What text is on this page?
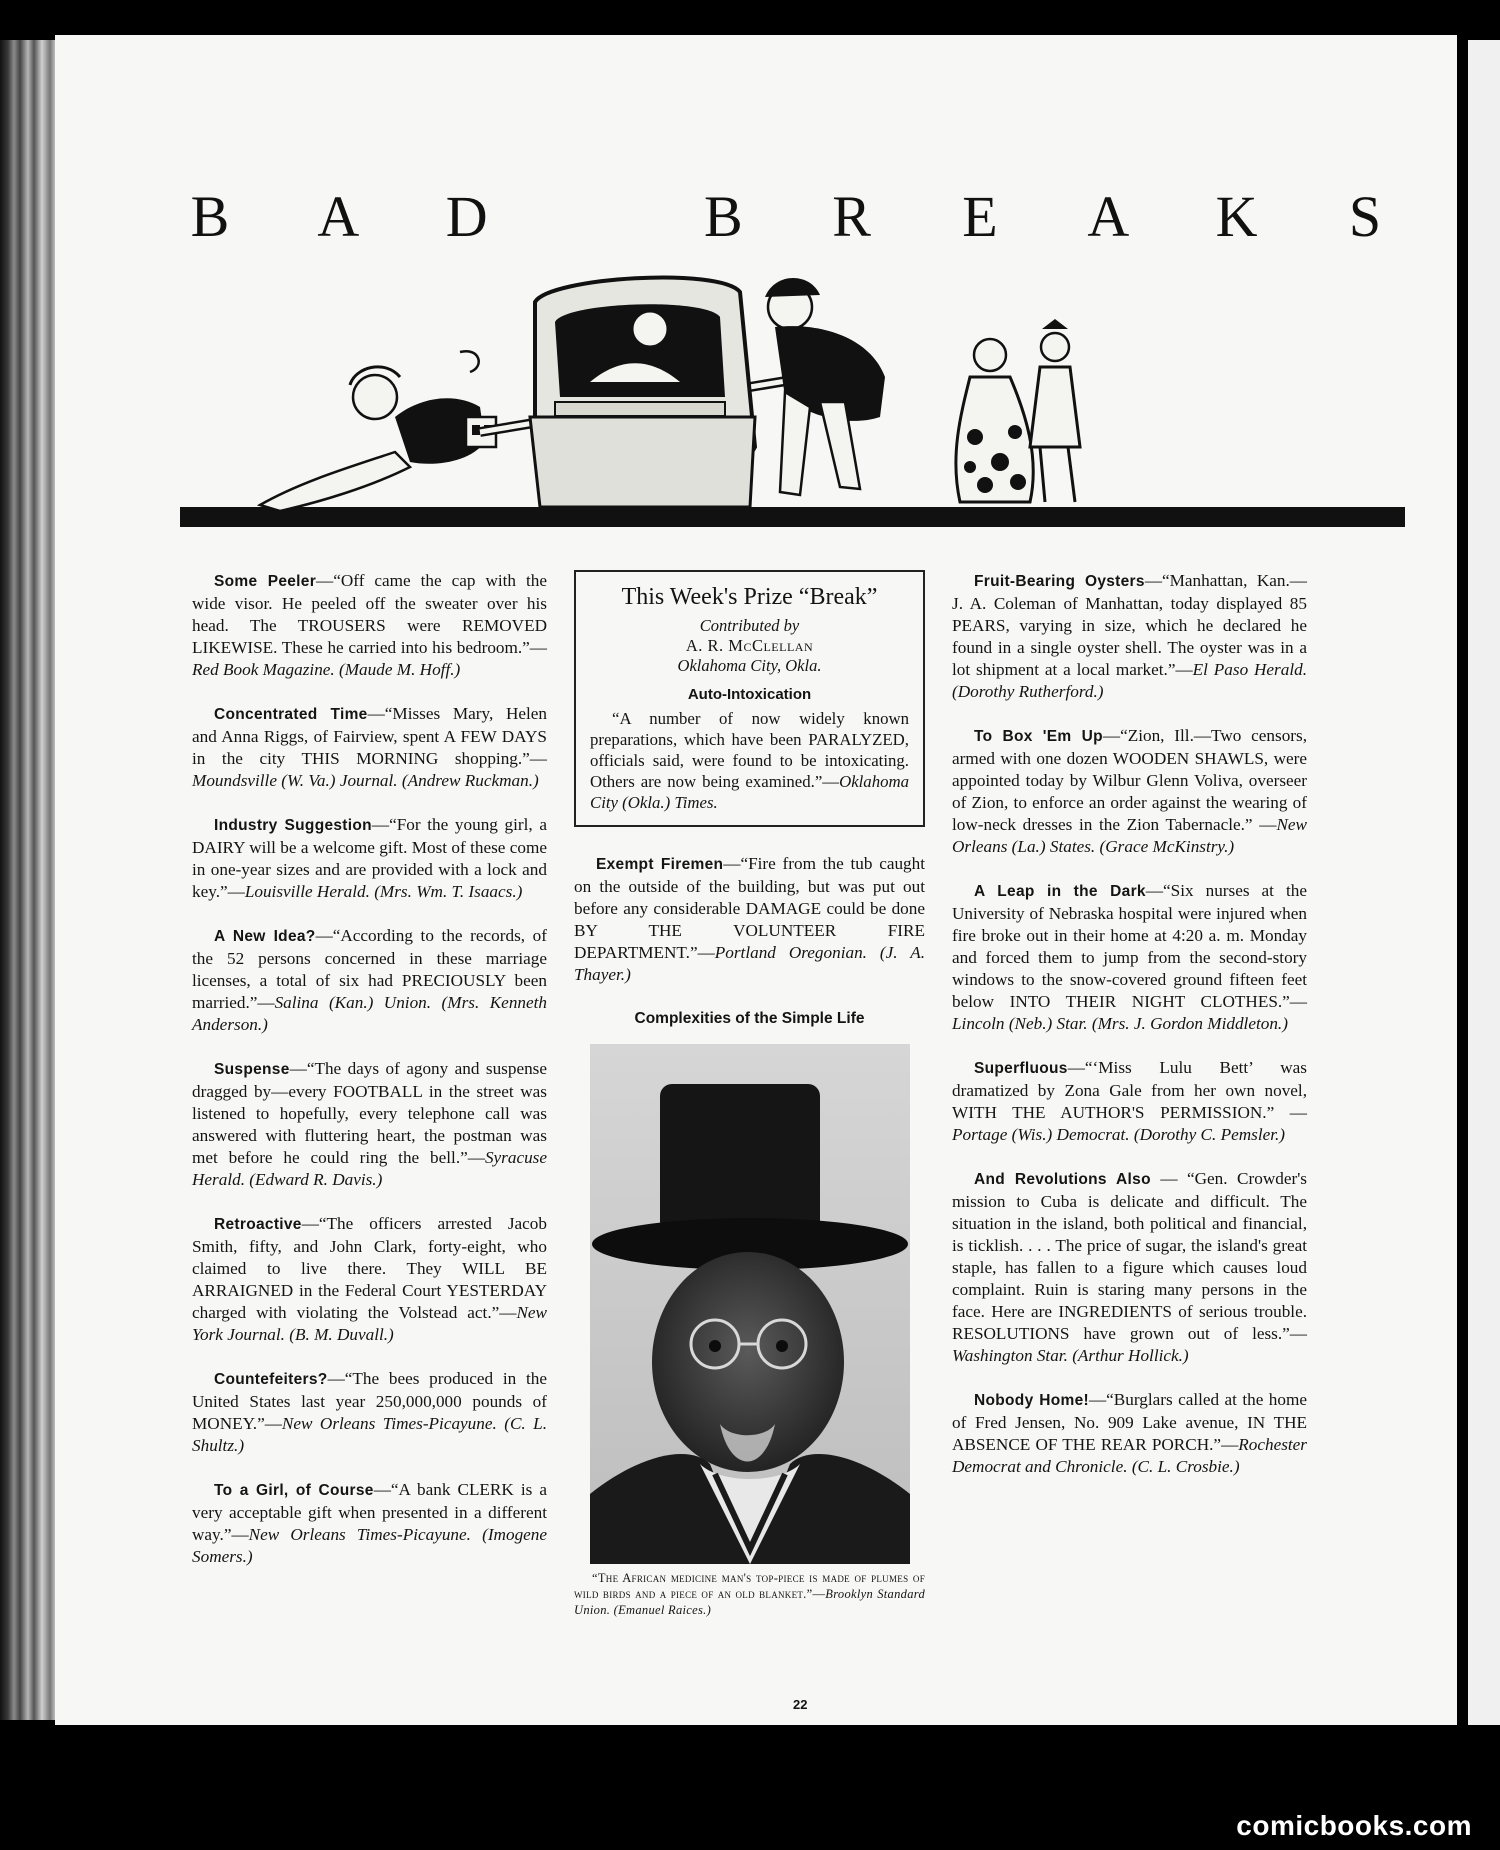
B A D	B R E A K S

Some Peeler—“Off came the cap with the wide visor. He peeled off the sweater over his head. The TROUSERS were REMOVED LIKEWISE. These he carried into his bedroom.”—Red Book Magazine. (Maude M. Hoff.)

Concentrated Time—“Misses Mary, Helen and Anna Riggs, of Fairview, spent A FEW DAYS in the city THIS MORNING shopping.”—Moundsville (W. Va.) Journal. (Andrew Ruckman.)

Industry Suggestion—“For the young girl, a DAIRY will be a welcome gift. Most of these come in one-year sizes and are provided with a lock and key.”—Louisville Herald. (Mrs. Wm. T. Isaacs.)

A New Idea?—“According to the records, of the 52 persons concerned in these marriage licenses, a total of six had PRECIOUSLY been married.”—Salina (Kan.) Union. (Mrs. Kenneth Anderson.)

Suspense—“The days of agony and suspense dragged by—every FOOTBALL in the street was listened to hopefully, every telephone call was answered with fluttering heart, the postman was met before he could ring the bell.”—Syracuse Herald. (Edward R. Davis.)

Retroactive—“The officers arrested Jacob Smith, fifty, and John Clark, forty-eight, who claimed to live there. They WILL BE ARRAIGNED in the Federal Court YESTERDAY charged with violating the Volstead act.”—New York Journal. (B. M. Duvall.)

Countefeiters?—“The bees produced in the United States last year 250,000,000 pounds of MONEY.”—New Orleans Times-Picayune. (C. L. Shultz.)

To a Girl, of Course—“A bank CLERK is a very acceptable gift when presented in a different way.”—New Orleans Times-Picayune. (Imogene Somers.)

This Week's Prize “Break”
Contributed by
A. R. McClellan
Oklahoma City, Okla.
Auto-Intoxication

“A number of now widely known preparations, which have been PARALYZED, officials said, were found to be intoxicating. Others are now being examined.”—Oklahoma City (Okla.) Times.

Exempt Firemen—“Fire from the tub caught on the outside of the building, but was put out before any considerable DAMAGE could be done BY THE VOLUNTEER FIRE DEPARTMENT.”—Portland Oregonian. (J. A. Thayer.)

Complexities of the Simple Life

“The African medicine man's top-piece is made of plumes of wild birds and a piece of an old blanket.”—Brooklyn Standard Union. (Emanuel Raices.)

Fruit-Bearing Oysters—“Manhattan, Kan.—J. A. Coleman of Manhattan, today displayed 85 PEARS, varying in size, which he declared he found in a single oyster shell. The oyster was in a lot shipment at a local market.”—El Paso Herald. (Dorothy Rutherford.)

To Box 'Em Up—“Zion, Ill.—Two censors, armed with one dozen WOODEN SHAWLS, were appointed today by Wilbur Glenn Voliva, overseer of Zion, to enforce an order against the wearing of low-neck dresses in the Zion Tabernacle.” —New Orleans (La.) States. (Grace McKinstry.)

A Leap in the Dark—“Six nurses at the University of Nebraska hospital were injured when fire broke out in their home at 4:20 a. m. Monday and forced them to jump from the second-story windows to the snow-covered ground fifteen feet below INTO THEIR NIGHT CLOTHES.”—Lincoln (Neb.) Star. (Mrs. J. Gordon Middleton.)

Superfluous—“‘Miss Lulu Bett’ was dramatized by Zona Gale from her own novel, WITH THE AUTHOR'S PERMISSION.” —Portage (Wis.) Democrat. (Dorothy C. Pemsler.)

And Revolutions Also — “Gen. Crowder's mission to Cuba is delicate and difficult. The situation in the island, both political and financial, is ticklish. . . . The price of sugar, the island's great staple, has fallen to a figure which causes loud complaint. Ruin is staring many persons in the face. Here are INGREDIENTS of serious trouble. RESOLUTIONS have grown out of less.”—Washington Star. (Arthur Hollick.)

Nobody Home!—“Burglars called at the home of Fred Jensen, No. 909 Lake avenue, IN THE ABSENCE OF THE REAR PORCH.”—Rochester Democrat and Chronicle. (C. L. Crosbie.)

22
comicbooks.com
